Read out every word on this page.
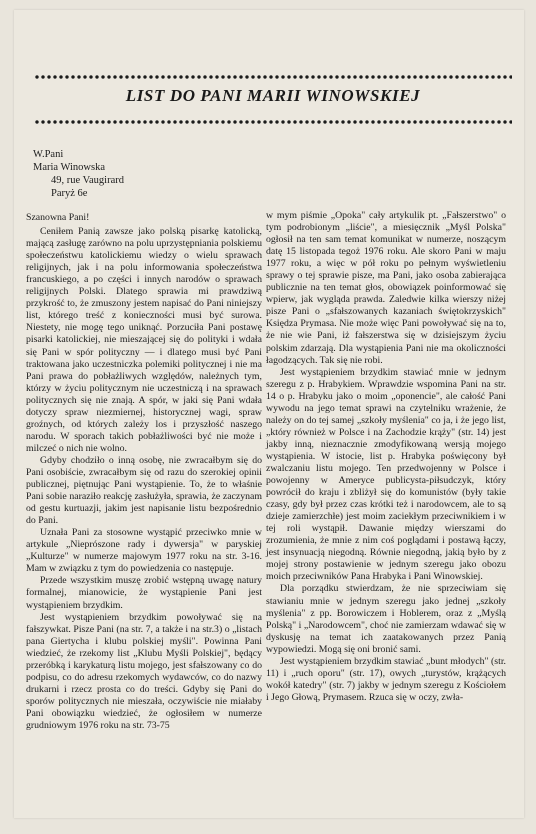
LIST DO PANI MARII WINOWSKIEJ
W.Pani
Maria Winowska
49, rue Vaugirard
Paryż 6e

Szanowna Pani!

Ceniłem Panią zawsze jako polską pisarkę katolicką, mającą zasługę zarówno na polu uprzystępniania polskiemu społeczeństwu katolickiemu wiedzy o wielu sprawach religijnych, jak i na polu informowania społeczeństwa francuskiego, a po części i innych narodów o sprawach religijnych Polski. Dlatego sprawia mi prawdziwą przykrość to, że zmuszony jestem napisać do Pani niniejszy list, którego treść z konieczności musi być surowa. Niestety, nie mogę tego uniknąć. Porzuciła Pani postawę pisarki katolickiej, nie mieszającej się do polityki i wdała się Pani w spór polityczny — i dlatego musi być Pani traktowana jako uczestniczka polemiki politycznej i nie ma Pani prawa do pobłażliwych względów, należnych tym, którzy w życiu politycznym nie uczestniczą i na sprawach politycznych się nie znają. A spór, w jaki się Pani wdała dotyczy spraw niezmiernej, historycznej wagi, spraw groźnych, od których zależy los i przyszłość naszego narodu. W sporach takich pobłażliwości być nie może i milczeć o nich nie wolno.

Gdyby chodziło o inną osobę, nie zwracałbym się do Pani osobiście, zwracałbym się od razu do szerokiej opinii publicznej, piętnując Pani wystąpienie. To, że to właśnie Pani sobie naraziło reakcję zasłużyła, sprawia, że zaczynam od gestu kurtuazji, jakim jest napisanie listu bezpośrednio do Pani.

Uznała Pani za stosowne wystąpić przeciwko mnie w artykule „Nieprószone rady i dywersja" w paryskiej „Kulturze" w numerze majowym 1977 roku na str. 3-16. Mam w związku z tym do powiedzenia co następuje.

Przede wszystkim muszę zrobić wstępną uwagę natury formalnej, mianowicie, że wystąpienie Pani jest wystąpieniem brzydkim.

Jest wystąpieniem brzydkim powoływać się na fałszywkat. Pisze Pani (na str. 7, a także i na str.3) o „listach pana Giertycha i klubu polskiej myśli". Powinna Pani wiedzieć, że rzekomy list „Klubu Myśli Polskiej", będący przeróbką i karykaturą listu mojego, jest sfałszowany co do podpisu, co do adresu rzekomych wydawców, co do nazwy drukarni i rzecz prosta co do treści. Gdyby się Pani do sporów politycznych nie mieszała, oczywiście nie miałaby Pani obowiązku wiedzieć, że ogłosiłem w numerze grudniowym 1976 roku na str. 73-75

w mym piśmie „Opoka" cały artykulik pt. „Fałszerstwo" o tym podrobionym „liście", a miesięcznik „Myśl Polska" ogłosił na ten sam temat komunikat w numerze, noszącym datę 15 listopada tegoż 1976 roku. Ale skoro Pani w maju 1977 roku, a więc w pół roku po pełnym wyświetleniu sprawy o tej sprawie pisze, ma Pani, jako osoba zabierająca publicznie na ten temat głos, obowiązek poinformować się wpierw, jak wygląda prawda. Zaledwie kilka wierszy niżej pisze Pani o „sfałszowanych kazaniach świętokrzyskich" Księdza Prymasa. Nie może więc Pani powoływać się na to, że nie wie Pani, iż fałszerstwa się w dzisiejszym życiu polskim zdarzają. Dla wystąpienia Pani nie ma okoliczności łagodzących. Tak się nie robi.

Jest wystąpieniem brzydkim stawiać mnie w jednym szeregu z p. Hrabykiem. Wprawdzie wspomina Pani na str. 14 o p. Hrabyku jako o moim „oponencie", ale całość Pani wywodu na jego temat sprawi na czytelniku wrażenie, że należy on do tej samej „szkoły myślenia" co ja, i że jego list, „który również w Polsce i na Zachodzie krąży" (str. 14) jest jakby inną, nieznacznie zmodyfikowaną wersją mojego wystąpienia. W istocie, list p. Hrabyka poświęcony był zwalczaniu listu mojego. Ten przedwojenny w Polsce i powojenny w Ameryce publicysta-piłsudczyk, który powrócił do kraju i zbliżył się do komunistów (były takie czasy, gdy był przez czas krótki też i narodowcem, ale to są dzieje zamierzchłe) jest moim zaciekłym przeciwnikiem i w tej roli wystąpił. Dawanie między wierszami do zrozumienia, że mnie z nim coś poglądami i postawą łączy, jest insynuacją niegodną. Równie niegodną, jakią było by z mojej strony postawienie w jednym szeregu jako obozu moich przeciwników Pana Hrabyka i Pani Winowskiej.

Dla porządku stwierdzam, że nie sprzeciwiam się stawianiu mnie w jednym szeregu jako jednej „szkoły myślenia" z pp. Borowiczem i Hoblerem, oraz z „Myślą Polską" i „Narodowcem", choć nie zamierzam wdawać się w dyskusję na temat ich zaatakowanych przez Panią wypowiedzi. Mogą się oni bronić sami.

Jest wystąpieniem brzydkim stawiać „bunt młodych" (str. 11) i „ruch oporu" (str. 17), owych „turystów, krążących wokół katedry" (str. 7) jakby w jednym szeregu z Kościołem i Jego Głową, Prymasem. Rzuca się w oczy, zwła-
